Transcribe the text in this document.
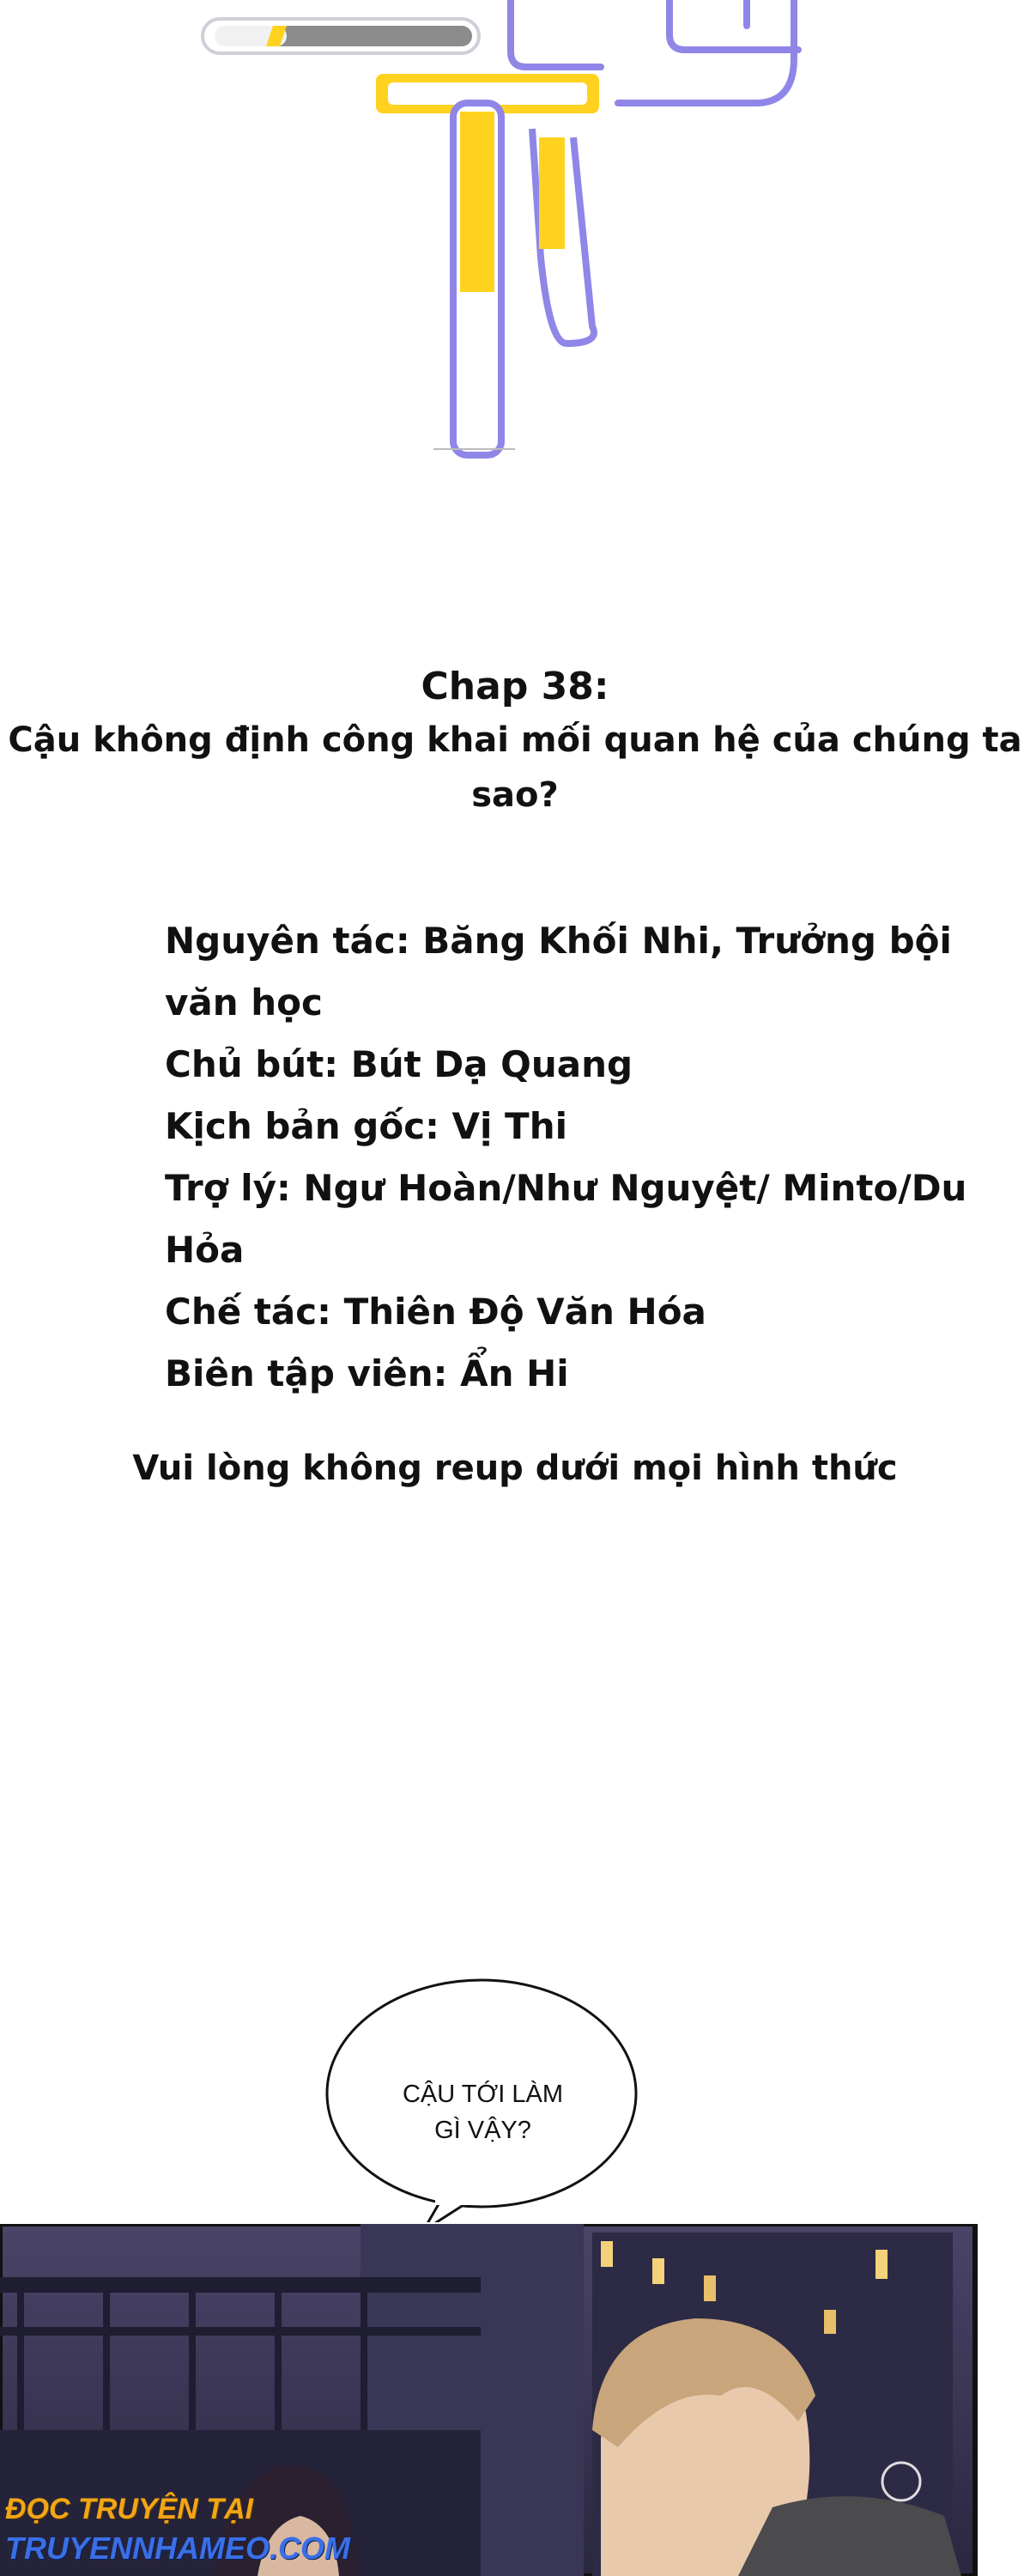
Chap 38:
Cậu không định công khai mối quan hệ của chúng ta sao?
Nguyên tác: Băng Khối Nhi, Trưởng bội văn học
Chủ bút: Bút Dạ Quang
Kịch bản gốc: Vị Thi
Trợ lý: Ngư Hoàn/Như Nguyệt/ Minto/Du Hỏa
Chế tác: Thiên Độ Văn Hóa
Biên tập viên: Ẩn Hi
Vui lòng không reup dưới mọi hình thức
CẬU TỚI LÀM
GÌ VẬY?
ĐỌC TRUYỆN TẠI
TRUYENNHAMEO.COM
